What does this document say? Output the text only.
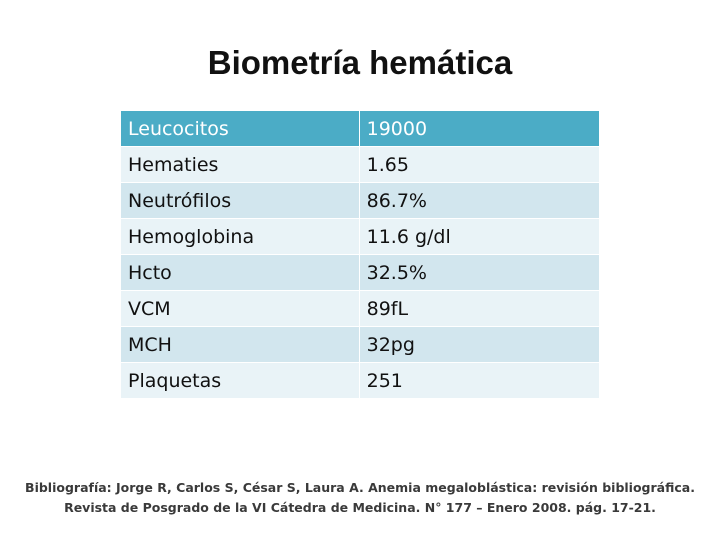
Biometría hemática
Leucocitos	19000
Hematies	1.65
Neutrófilos	86.7%
Hemoglobina	11.6 g/dl
Hcto	32.5%
VCM	89fL
MCH	32pg
Plaquetas	251
Bibliografía: Jorge R, Carlos S, César S, Laura A. Anemia megaloblástica: revisión bibliográfica.
Revista de Posgrado de la VI Cátedra de Medicina. N° 177 – Enero 2008. pág. 17-21.
